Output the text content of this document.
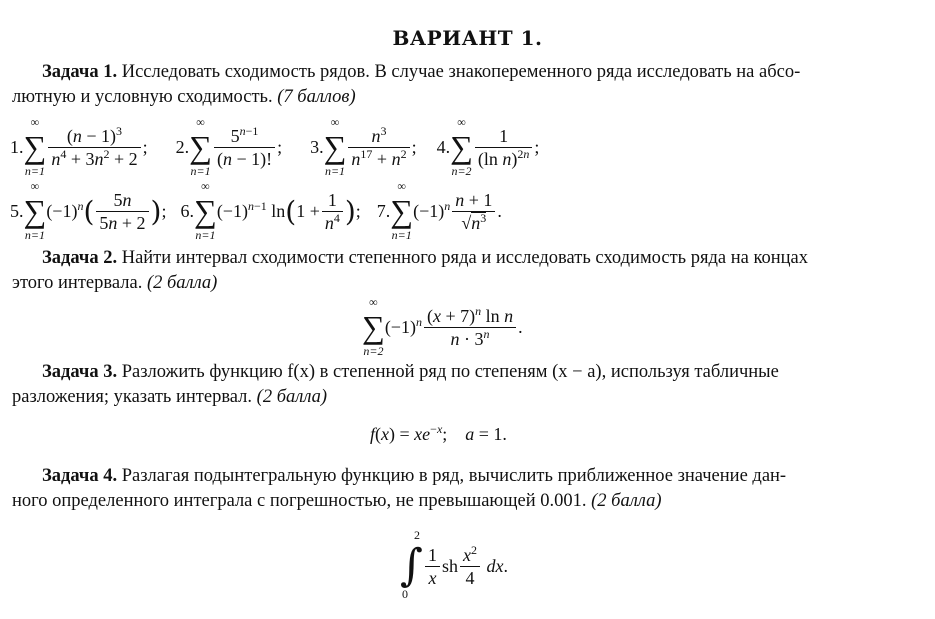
ВАРИАНТ 1.
Задача 1. Исследовать сходимость рядов. В случае знакопеременного ряда исследовать на абсо-
лютную и условную сходимость. (7 баллов)
1.
∞
∑
n=1
$\frac{(n - 1)^3}{n^4 + 3n^2 + 2}$ ; 2.
∞
∑
n=1
$\frac{5^{n-1}}{(n - 1)!}$ ; 3.
∞
∑
n=1
$\frac{n^3}{n^{17} + n^2}$ ; 4.
∞
∑
n=2
$\frac{1}{(\ln n)^{2n}}$ ;
5.
∞
∑
n=1
$(-1)^n$ ( $\frac{5n}{5n + 2}$ ) ; 6.
∞
∑
n=1
$(-1)^{n-1}$ ln ( $1 + \frac{1}{n^4}$ ) ; 7.
∞
∑
n=1
$(-1)^n \frac{n + 1}{√n^3}$ .
Задача 2. Найти интервал сходимости степенного ряда и исследовать сходимость ряда на концах
этого интервала. (2 балла)
∞
∑
n=2
$(-1)^n \frac{(x + 7)^n \ln n}{n \cdot 3^n}$ .
Задача 3. Разложить функцию f(x) в степенной ряд по степеням (x − a), используя табличные
разложения; указать интервал. (2 балла)
$f(x) = xe^{-x}$;    a = 1.
Задача 4. Разлагая подынтегральную функцию в ряд, вычислить приближенное значение дан-
ного определенного интеграла с погрешностью, не превышающей 0.001. (2 балла)
2
∫
0
$\frac{1}{x}$ sh $\frac{x^2}{4}$ dx.
